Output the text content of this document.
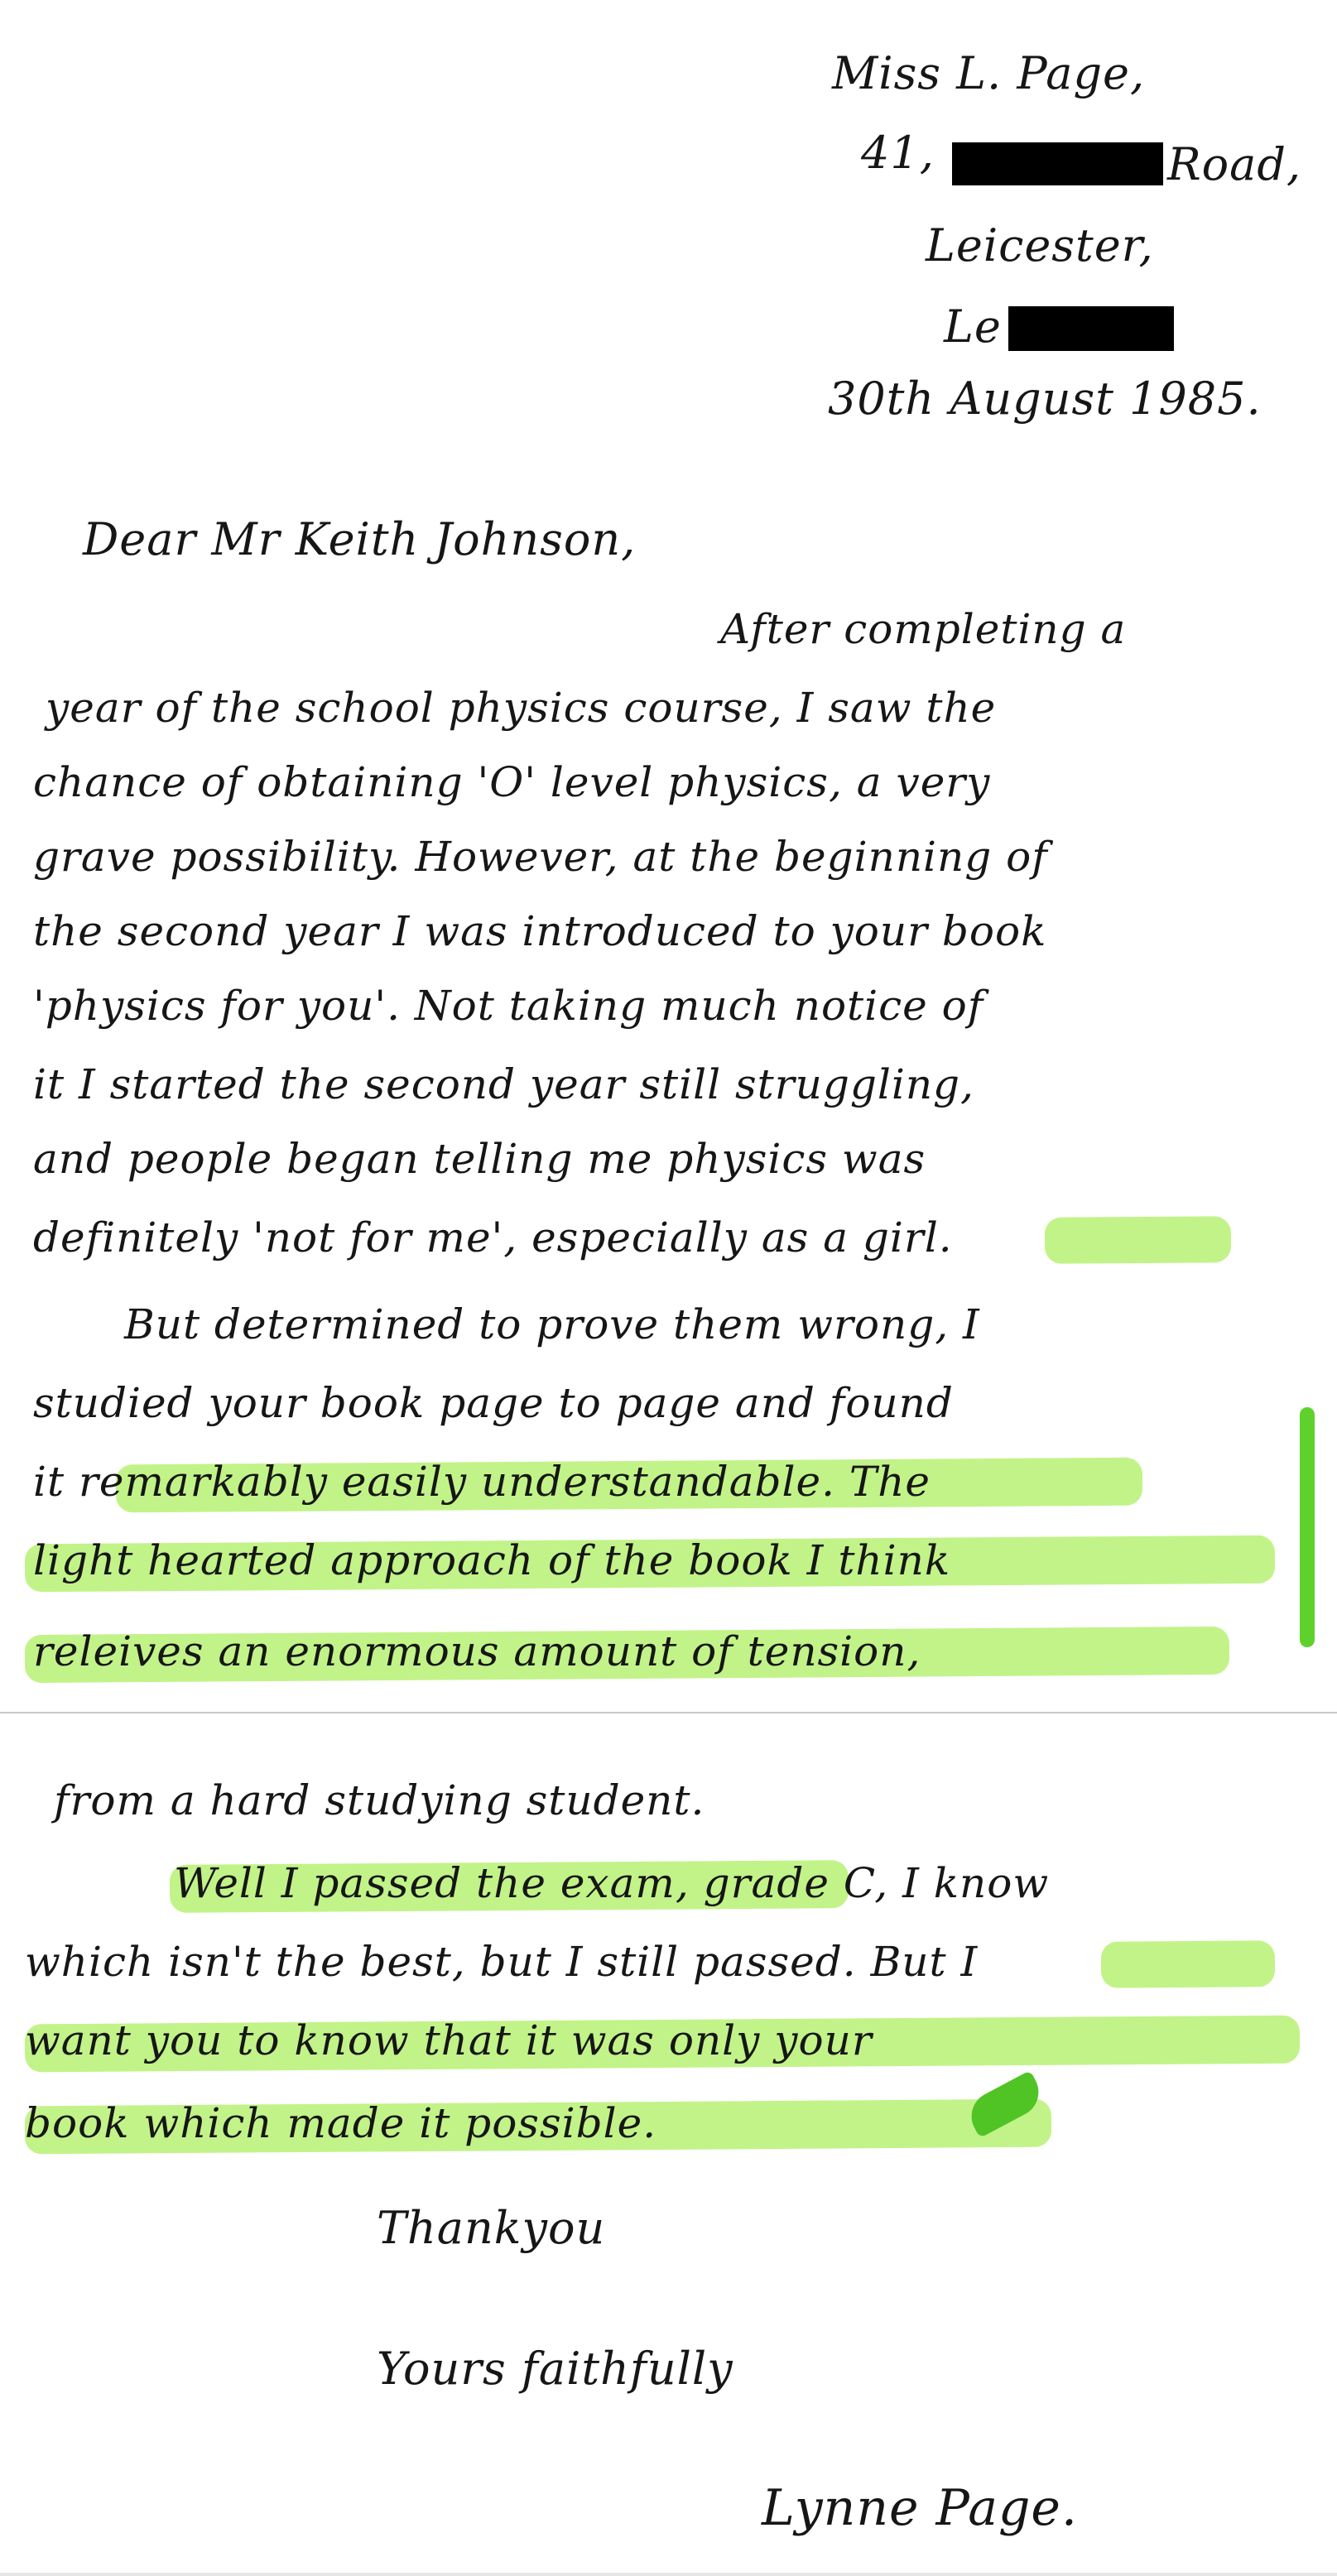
Miss L. Page,
41,	Road,
Leicester,
Le
30th August 1985.
Dear Mr Keith Johnson,
After completing a
year of the school physics course, I saw the
chance of obtaining 'O' level physics, a very
grave possibility. However, at the beginning of
the second year I was introduced to your book
'physics for you'. Not taking much notice of
it I started the second year still struggling,
and people began telling me physics was
definitely 'not for me', especially as a girl.
But determined to prove them wrong, I
studied your book page to page and found
it remarkably easily understandable. The
light hearted approach of the book I think
releives an enormous amount of tension,
from a hard studying student.
Well I passed the exam, grade C, I know
which isn't the best, but I still passed. But I
want you to know that it was only your
book which made it possible.
Thankyou
Yours faithfully
Lynne Page.
